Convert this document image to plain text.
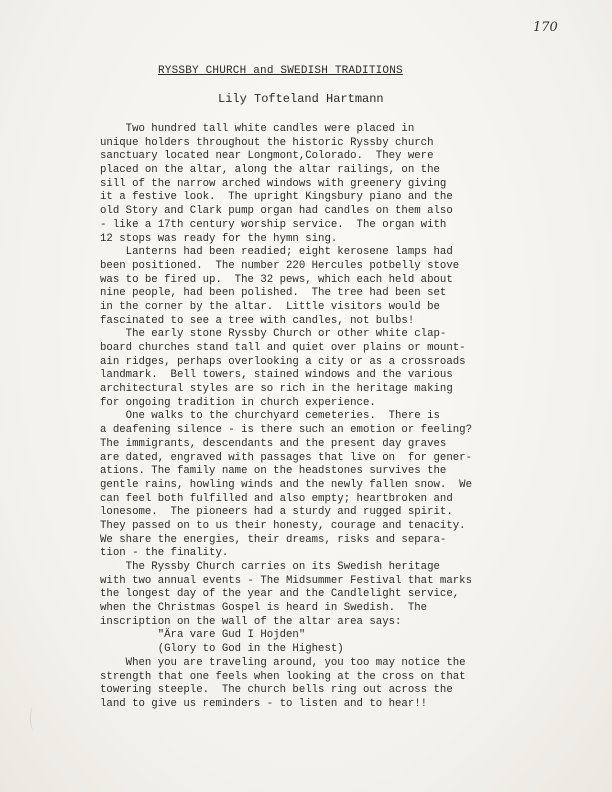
170
RYSSBY CHURCH and SWEDISH TRADITIONS
Lily Tofteland Hartmann
Two hundred tall white candles were placed in
unique holders throughout the historic Ryssby church
sanctuary located near Longmont,Colorado.  They were
placed on the altar, along the altar railings, on the
sill of the narrow arched windows with greenery giving
it a festive look.  The upright Kingsbury piano and the
old Story and Clark pump organ had candles on them also
- like a 17th century worship service.  The organ with
12 stops was ready for the hymn sing.
Lanterns had been readied; eight kerosene lamps had
been positioned.  The number 220 Hercules potbelly stove
was to be fired up.  The 32 pews, which each held about
nine people, had been polished.  The tree had been set
in the corner by the altar.  Little visitors would be
fascinated to see a tree with candles, not bulbs!
The early stone Ryssby Church or other white clap-
board churches stand tall and quiet over plains or mount-
ain ridges, perhaps overlooking a city or as a crossroads
landmark.  Bell towers, stained windows and the various
architectural styles are so rich in the heritage making
for ongoing tradition in church experience.
One walks to the churchyard cemeteries.  There is
a deafening silence - is there such an emotion or feeling?
The immigrants, descendants and the present day graves
are dated, engraved with passages that live on  for gener-
ations. The family name on the headstones survives the
gentle rains, howling winds and the newly fallen snow.  We
can feel both fulfilled and also empty; heartbroken and
lonesome.  The pioneers had a sturdy and rugged spirit.
They passed on to us their honesty, courage and tenacity.
We share the energies, their dreams, risks and separa-
tion - the finality.
The Ryssby Church carries on its Swedish heritage
with two annual events - The Midsummer Festival that marks
the longest day of the year and the Candlelight service,
when the Christmas Gospel is heard in Swedish.  The
inscription on the wall of the altar area says:
"Ära vare Gud I Hojden"
(Glory to God in the Highest)
When you are traveling around, you too may notice the
strength that one feels when looking at the cross on that
towering steeple.  The church bells ring out across the
land to give us reminders - to listen and to hear!!
